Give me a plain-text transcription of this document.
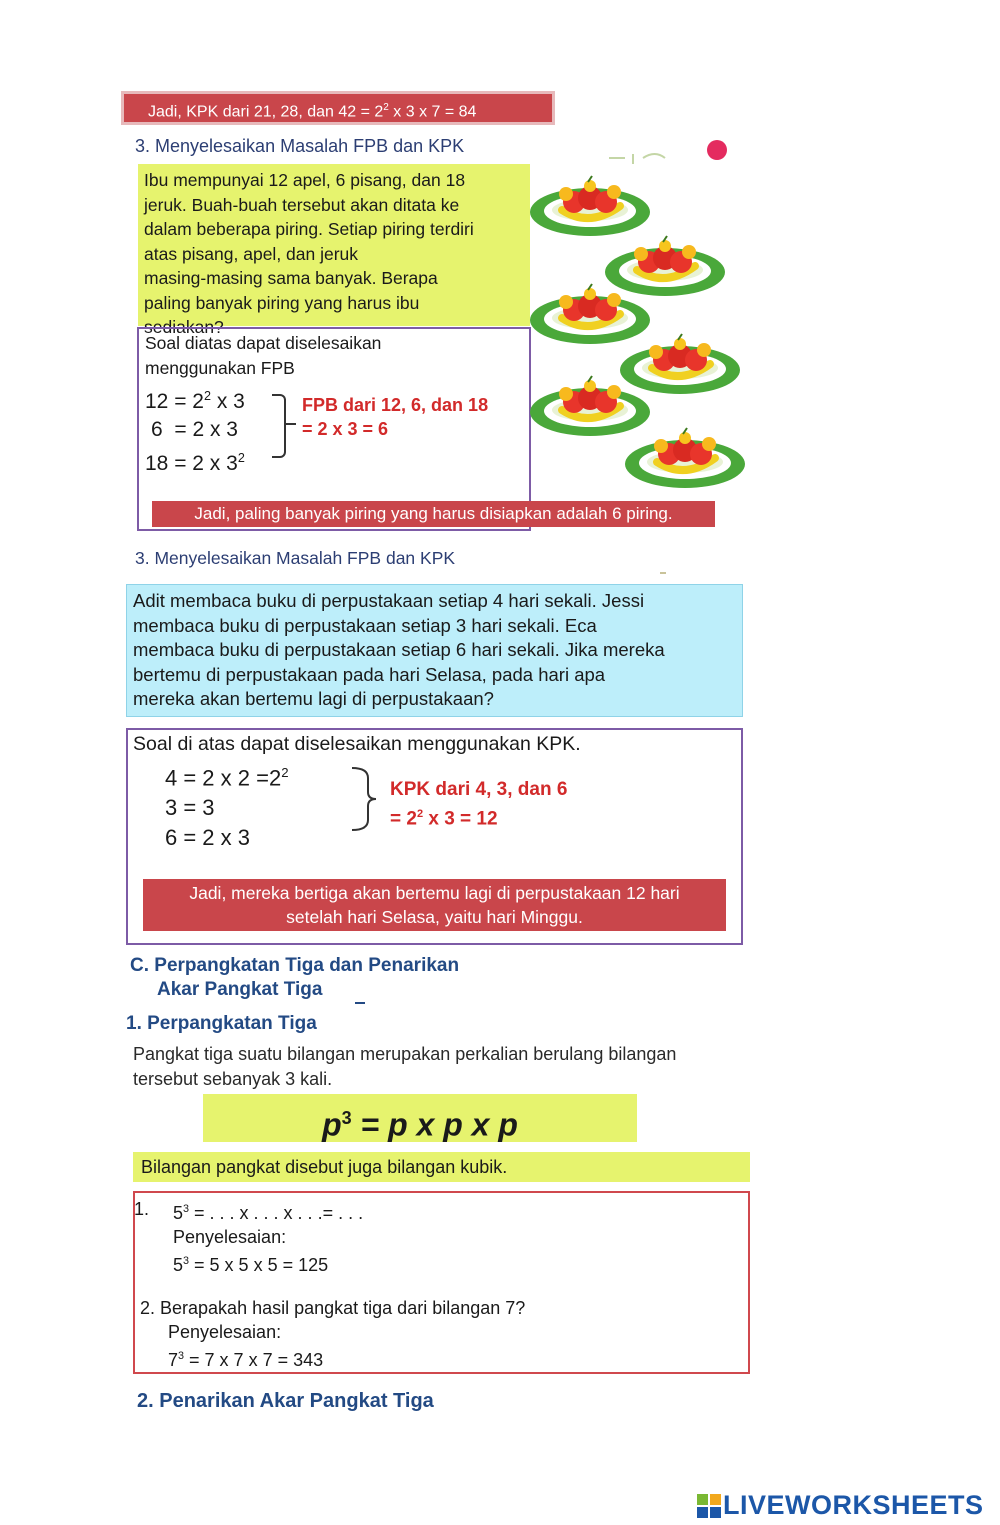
Jadi, KPK dari 21, 28, dan $42 = 2^2$ x 3 x 7 = 84
3. Menyelesaikan Masalah FPB dan KPK
Ibu mempunyai 12 apel, 6 pisang, dan 18
jeruk. Buah-buah tersebut akan ditata ke
dalam beberapa piring. Setiap piring terdiri
atas pisang, apel, dan jeruk
masing-masing sama banyak. Berapa
paling banyak piring yang harus ibu
sediakan?
Soal diatas dapat diselesaikan
menggunakan FPB
$12 = 2^2$ x 3
6  = 2 x 3
18 = 2 x $3^2$
FPB dari 12, 6, dan 18
= 2 x 3 = 6
Jadi, paling banyak piring yang harus disiapkan adalah 6 piring.
3. Menyelesaikan Masalah FPB dan KPK
Adit membaca buku di perpustakaan setiap 4 hari sekali. Jessi
membaca buku di perpustakaan setiap 3 hari sekali. Eca
membaca buku di perpustakaan setiap 6 hari sekali. Jika mereka
bertemu di perpustakaan pada hari Selasa, pada hari apa
mereka akan bertemu lagi di perpustakaan?
Soal di atas dapat diselesaikan menggunakan KPK.
4 = 2 x $2 =2^2$
3 = 3
6 = 2 x 3
KPK dari 4, 3, dan 6
= $2^2$ x 3 = 12
Jadi, mereka bertiga akan bertemu lagi di perpustakaan 12 hari
setelah hari Selasa, yaitu hari Minggu.
C. Perpangkatan Tiga dan Penarikan
Akar Pangkat Tiga
1. Perpangkatan Tiga
Pangkat tiga suatu bilangan merupakan perkalian berulang bilangan
tersebut sebanyak 3 kali.
$p^3 = p$ x p x p
Bilangan pangkat disebut juga bilangan kubik.
1. $5^3$ = . . . x . . . x . . .= . . .
Penyelesaian:
$5^3 = 5$ x 5 x 5 = 125
2. Berapakah hasil pangkat tiga dari bilangan 7?
Penyelesaian:
$7^3 = 7$ x 7 x 7 = 343
2. Penarikan Akar Pangkat Tiga
LIVEWORKSHEETS
